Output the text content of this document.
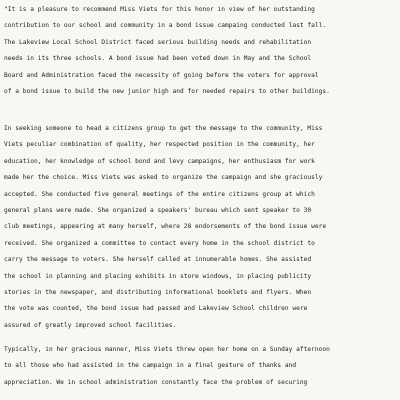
"It is a pleasure to recommend Miss Viets for this honor in view of her outstanding
contribution to our school and community in a bond issue campaing conducted last fall.
The Lakeview Local School District faced serious building needs and rehabilitation
needs in its three schools. A bond issue had been voted down in May and the School
Board and Administration faced the necessity of going before the voters for approval
of a bond issue to build the new junior high and for needed repairs to other buildings.
In seeking someone to head a citizens group to get the message to the community, Miss
Viets peculiar combination of quality, her respected position in the community, her
education, her knowledge of school bond and levy campaigns, her enthusiasm for work
made her the choice. Miss Viets was asked to organize the campaign and she graciously
accepted. She conducted five general meetings of the entire citizens group at which
general plans were made. She organized a speakers' bureau which sent speaker to 30
club meetings, appearing at many herself, where 28 endorsements of the bond issue were
received. She organized a committee to contact every home in the school district to
carry the message to voters. She herself called at innumerable homes. She assisted
the school in planning and placing exhibits in store windows, in placing publicity
stories in the newspaper, and distributing informational booklets and flyers. When
the vote was counted, the bond issue had passed and Lakeview School children were
assured of greatly improved school facilities.
Typically, in her gracious manner, Miss Viets threw open her home on a Sunday afternoon
to all those who had assisted in the campaign in a final gesture of thanks and
appreciation. We in school administration constantly face the problem of securing
